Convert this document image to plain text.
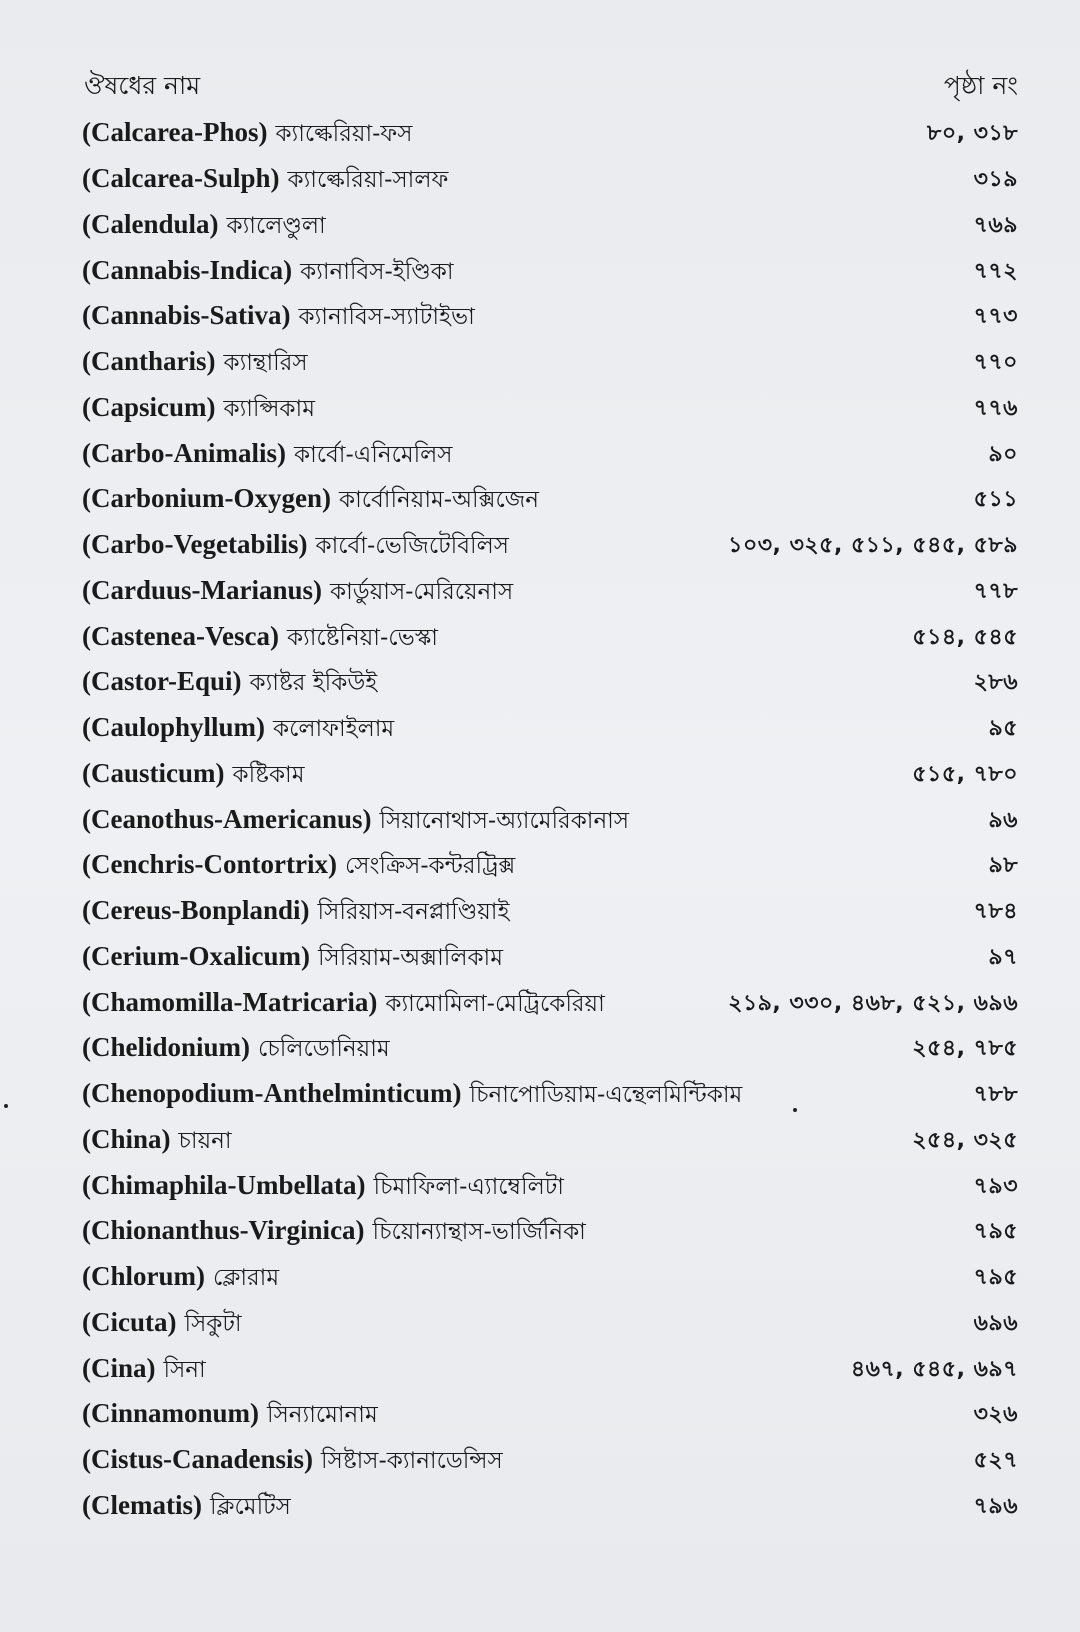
ঔষধের নাম	পৃষ্ঠা নং
(Calcarea-Phos) ক্যাল্কেরিয়া-ফস	৮০, ৩১৮
(Calcarea-Sulph) ক্যাল্কেরিয়া-সালফ	৩১৯
(Calendula) ক্যালেণ্ডুলা	৭৬৯
(Cannabis-Indica) ক্যানাবিস-ইণ্ডিকা	৭৭২
(Cannabis-Sativa) ক্যানাবিস-স্যাটাইভা	৭৭৩
(Cantharis) ক্যান্থারিস	৭৭০
(Capsicum) ক্যাপ্সিকাম	৭৭৬
(Carbo-Animalis) কার্বো-এনিমেলিস	৯০
(Carbonium-Oxygen) কার্বোনিয়াম-অক্সিজেন	৫১১
(Carbo-Vegetabilis) কার্বো-ভেজিটেবিলিস	১০৩, ৩২৫, ৫১১, ৫৪৫, ৫৮৯
(Carduus-Marianus) কার্ডুয়াস-মেরিয়েনাস	৭৭৮
(Castenea-Vesca) ক্যাষ্টেনিয়া-ভেস্কা	৫১৪, ৫৪৫
(Castor-Equi) ক্যাষ্টর ইকিউই	২৮৬
(Caulophyllum) কলোফাইলাম	৯৫
(Causticum) কষ্টিকাম	৫১৫, ৭৮০
(Ceanothus-Americanus) সিয়ানোথাস-অ্যামেরিকানাস	৯৬
(Cenchris-Contortrix) সেংক্রিস-কন্টরট্রিক্স	৯৮
(Cereus-Bonplandi) সিরিয়াস-বনপ্লাণ্ডিয়াই	৭৮৪
(Cerium-Oxalicum) সিরিয়াম-অক্সালিকাম	৯৭
(Chamomilla-Matricaria) ক্যামোমিলা-মেট্রিকেরিয়া	২১৯, ৩৩০, ৪৬৮, ৫২১, ৬৯৬
(Chelidonium) চেলিডোনিয়াম	২৫৪, ৭৮৫
(Chenopodium-Anthelminticum) চিনাপোডিয়াম-এন্থেলমিন্টিকাম	৭৮৮
(China) চায়না	২৫৪, ৩২৫
(Chimaphila-Umbellata) চিমাফিলা-এ্যাম্বেলিটা	৭৯৩
(Chionanthus-Virginica) চিয়োন্যান্থাস-ভার্জিনিকা	৭৯৫
(Chlorum) ক্লোরাম	৭৯৫
(Cicuta) সিকুটা	৬৯৬
(Cina) সিনা	৪৬৭, ৫৪৫, ৬৯৭
(Cinnamonum) সিন্যামোনাম	৩২৬
(Cistus-Canadensis) সিষ্টাস-ক্যানাডেন্সিস	৫২৭
(Clematis) ক্লিমেটিস	৭৯৬
